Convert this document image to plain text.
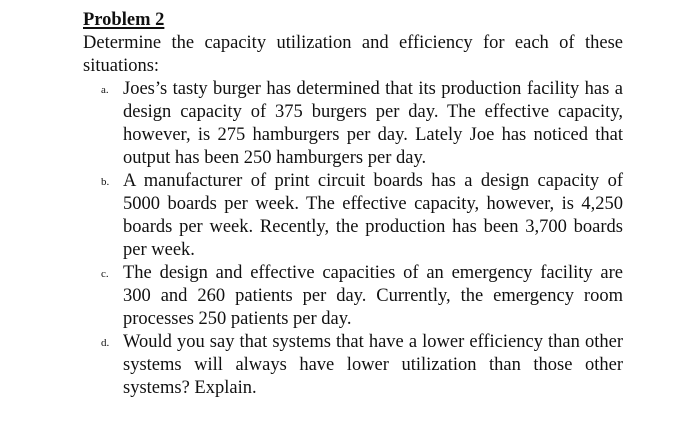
Problem 2

Determine the capacity utilization and efficiency for each of these situations:

a. Joes’s tasty burger has determined that its production facility has a design capacity of 375 burgers per day. The effective capacity, however, is 275 hamburgers per day. Lately Joe has noticed that output has been 250 hamburgers per day.
b. A manufacturer of print circuit boards has a design capacity of 5000 boards per week. The effective capacity, however, is 4,250 boards per week. Recently, the production has been 3,700 boards per week.
c. The design and effective capacities of an emergency facility are 300 and 260 patients per day. Currently, the emergency room processes 250 patients per day.
d. Would you say that systems that have a lower efficiency than other systems will always have lower utilization than those other systems? Explain.
